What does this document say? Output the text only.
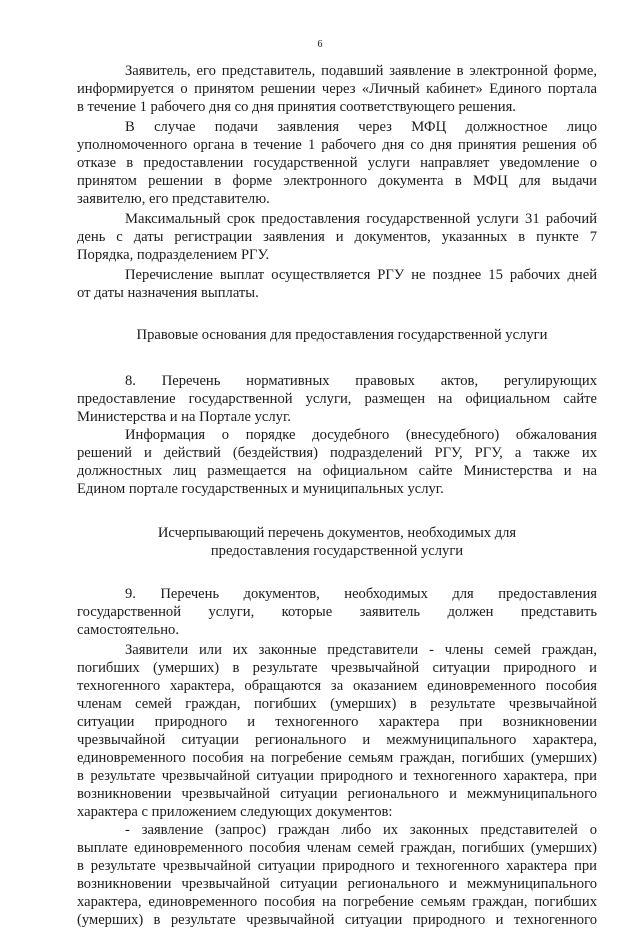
6
Заявитель, его представитель, подавший заявление в электронной форме,
информируется о принятом решении через «Личный кабинет» Единого портала
в течение 1 рабочего дня со дня принятия соответствующего решения.
В случае подачи заявления через МФЦ должностное лицо
уполномоченного органа в течение 1 рабочего дня со дня принятия решения об
отказе в предоставлении государственной услуги направляет уведомление о
принятом решении в форме электронного документа в МФЦ для выдачи
заявителю, его представителю.
Максимальный срок предоставления государственной услуги 31 рабочий
день с даты регистрации заявления и документов, указанных в пункте 7
Порядка, подразделением РГУ.
Перечисление выплат осуществляется РГУ не позднее 15 рабочих дней
от даты назначения выплаты.
Правовые основания для предоставления государственной услуги
8. Перечень нормативных правовых актов, регулирующих
предоставление государственной услуги, размещен на официальном сайте
Министерства и на Портале услуг.
Информация о порядке досудебного (внесудебного) обжалования
решений и действий (бездействия) подразделений РГУ, РГУ, а также их
должностных лиц размещается на официальном сайте Министерства и на
Едином портале государственных и муниципальных услуг.
Исчерпывающий перечень документов, необходимых для
предоставления государственной услуги
9. Перечень документов, необходимых для предоставления
государственной услуги, которые заявитель должен представить
самостоятельно.
Заявители или их законные представители - члены семей граждан,
погибших (умерших) в результате чрезвычайной ситуации природного и
техногенного характера, обращаются за оказанием единовременного пособия
членам семей граждан, погибших (умерших) в результате чрезвычайной
ситуации природного и техногенного характера при возникновении
чрезвычайной ситуации регионального и межмуниципального характера,
единовременного пособия на погребение семьям граждан, погибших (умерших)
в результате чрезвычайной ситуации природного и техногенного характера, при
возникновении чрезвычайной ситуации регионального и межмуниципального
характера с приложением следующих документов:
- заявление (запрос) граждан либо их законных представителей о
выплате единовременного пособия членам семей граждан, погибших (умерших)
в результате чрезвычайной ситуации природного и техногенного характера при
возникновении чрезвычайной ситуации регионального и межмуниципального
характера, единовременного пособия на погребение семьям граждан, погибших
(умерших) в результате чрезвычайной ситуации природного и техногенного
